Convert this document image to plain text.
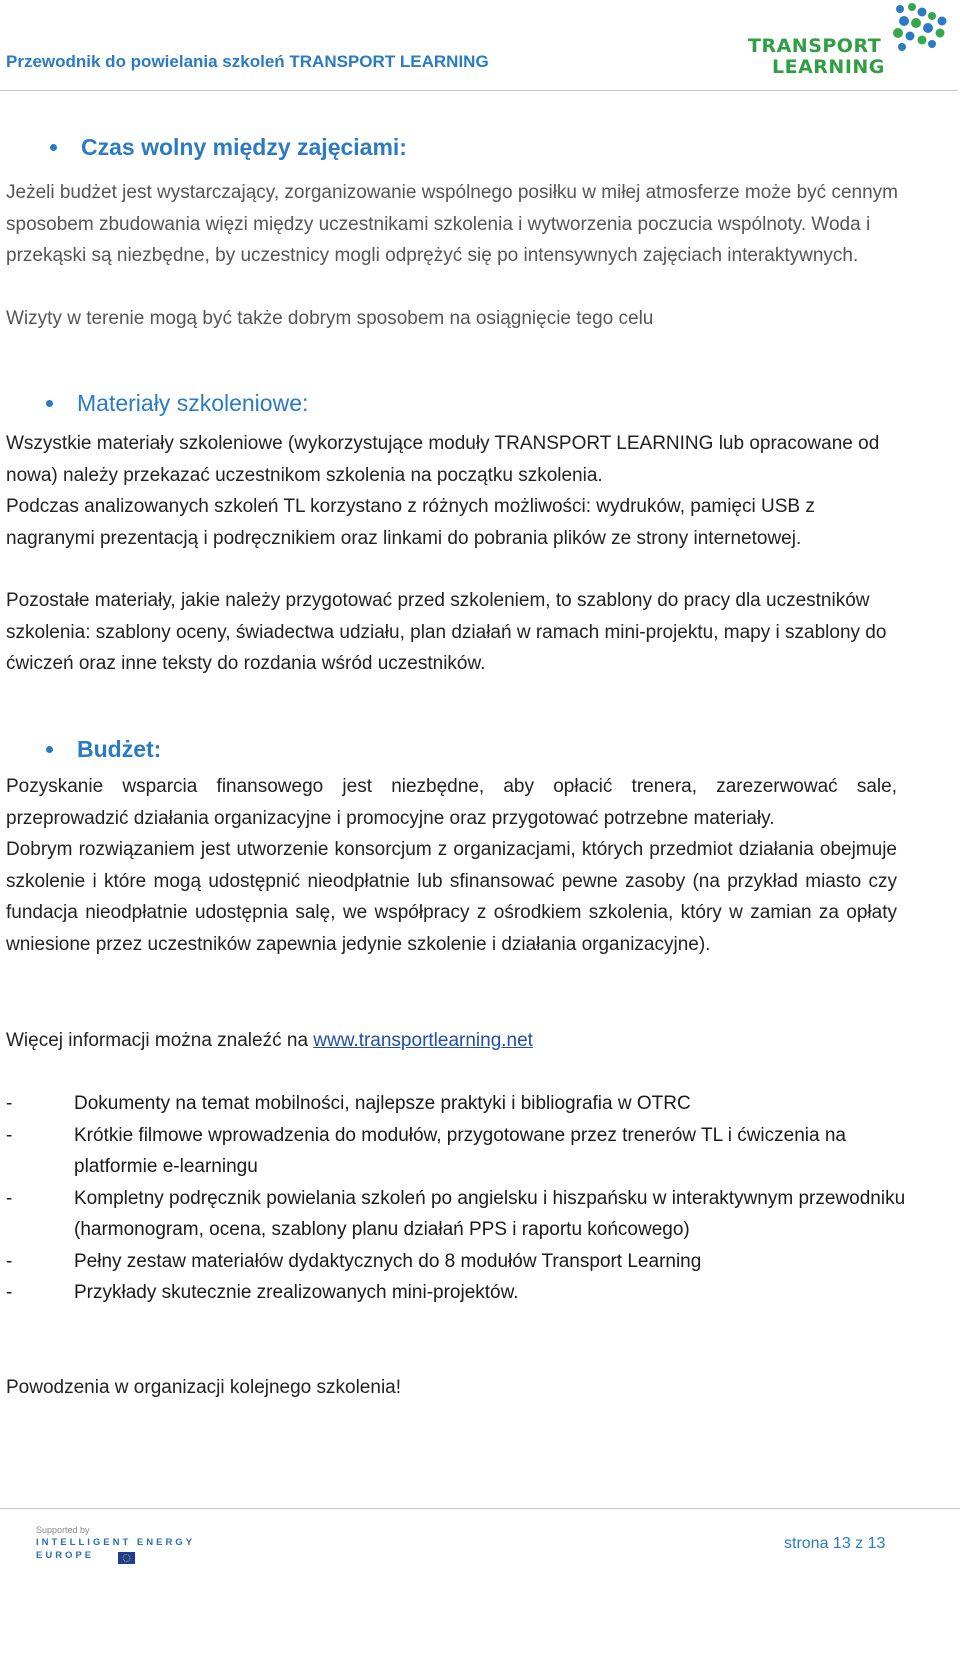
Przewodnik do powielania szkoleń TRANSPORT LEARNING
TRANSPORT
LEARNING
Czas wolny między zajęciami:
Jeżeli budżet jest wystarczający, zorganizowanie wspólnego posiłku w miłej atmosferze może być cennym sposobem zbudowania więzi między uczestnikami szkolenia i wytworzenia poczucia wspólnoty. Woda i przekąski są niezbędne, by uczestnicy mogli odprężyć się po intensywnych zajęciach interaktywnych.
Wizyty w terenie mogą być także dobrym sposobem na osiągnięcie tego celu
Materiały szkoleniowe:
Wszystkie materiały szkoleniowe (wykorzystujące moduły TRANSPORT LEARNING lub opracowane od nowa) należy przekazać uczestnikom szkolenia na początku szkolenia.
Podczas analizowanych szkoleń TL korzystano z różnych możliwości: wydruków, pamięci USB z nagranymi prezentacją i podręcznikiem oraz linkami do pobrania plików ze strony internetowej.
Pozostałe materiały, jakie należy przygotować przed szkoleniem, to szablony do pracy dla uczestników szkolenia: szablony oceny, świadectwa udziału, plan działań w ramach mini-projektu, mapy i szablony do ćwiczeń oraz inne teksty do rozdania wśród uczestników.
Budżet:
Pozyskanie wsparcia finansowego jest niezbędne, aby opłacić trenera, zarezerwować sale, przeprowadzić działania organizacyjne i promocyjne oraz przygotować potrzebne materiały.
Dobrym rozwiązaniem jest utworzenie konsorcjum z organizacjami, których przedmiot działania obejmuje szkolenie i które mogą udostępnić nieodpłatnie lub sfinansować pewne zasoby (na przykład miasto czy fundacja nieodpłatnie udostępnia salę, we współpracy z ośrodkiem szkolenia, który w zamian za opłaty wniesione przez uczestników zapewnia jedynie szkolenie i działania organizacyjne).
Więcej informacji można znaleźć na www.transportlearning.net
-	Dokumenty na temat mobilności, najlepsze praktyki i bibliografia w OTRC
-	Krótkie filmowe wprowadzenia do modułów, przygotowane przez trenerów TL i ćwiczenia na platformie e-learningu
-	Kompletny podręcznik powielania szkoleń po angielsku i hiszpańsku w interaktywnym przewodniku (harmonogram, ocena, szablony planu działań PPS i raportu końcowego)
-	Pełny zestaw materiałów dydaktycznych do 8 modułów Transport Learning
-	Przykłady skutecznie zrealizowanych mini-projektów.
Powodzenia w organizacji kolejnego szkolenia!
Supported by
INTELLIGENT ENERGY
EUROPE
strona 13 z 13
